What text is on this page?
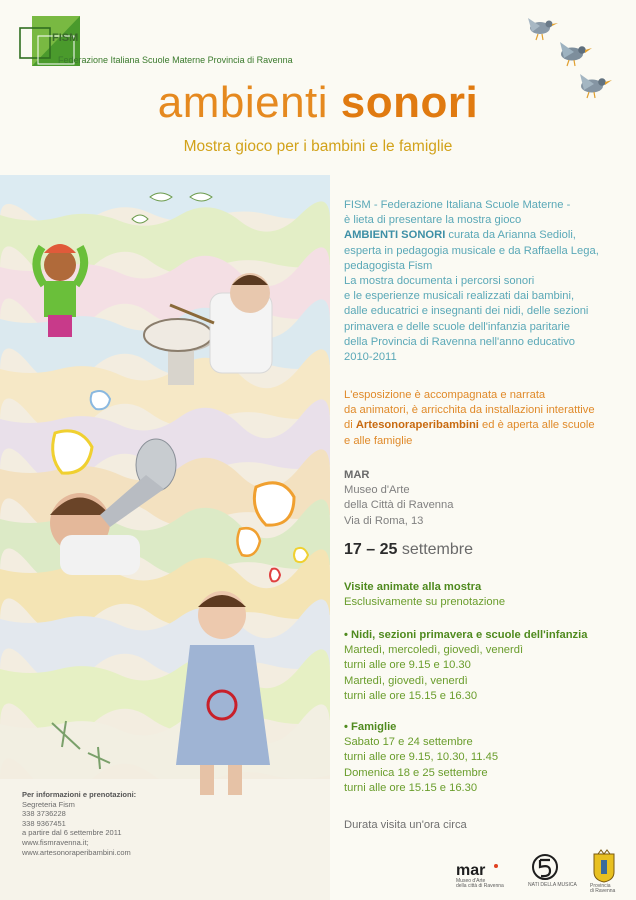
FISM
Federazione Italiana Scuole Materne Provincia di Ravenna
ambienti sonori
Mostra gioco per i bambini e le famiglie

FISM - Federazione Italiana Scuole Materne -

è lieta di presentare la mostra gioco

AMBIENTI SONORI curata da Arianna Sedioli,

esperta in pedagogia musicale e da Raffaella Lega,

pedagogista Fism

La mostra documenta i percorsi sonori

e le esperienze musicali realizzati dai bambini,

dalle educatrici e insegnanti dei nidi, delle sezioni

primavera e delle scuole dell'infanzia paritarie

della Provincia di Ravenna nell'anno educativo

2010-2011

L'esposizione è accompagnata e narrata

da animatori, è arricchita da installazioni interattive

di Artesonoraperibambini ed è aperta alle scuole

e alle famiglie

MAR

Museo d'Arte

della Città di Ravenna

Via di Roma, 13

17 – 25 settembre

Visite animate alla mostra

Esclusivamente su prenotazione

• Nidi, sezioni primavera e scuole dell'infanzia

Martedì, mercoledì, giovedì, venerdì

turni alle ore 9.15 e 10.30

Martedì, giovedì, venerdì

turni alle ore 15.15 e 16.30

• Famiglie

Sabato 17 e 24 settembre

turni alle ore 9.15, 10.30, 11.45

Domenica 18 e 25 settembre

turni alle ore 15.15 e 16.30

Durata visita un'ora circa
Per informazioni e prenotazioni:
Segreteria Fism
338 3736228
338 9367451
a partire dal 6 settembre 2011
www.fismravenna.it;
www.artesonoraperibambini.com
mar
Museo d'Arte
della città di Ravenna	NATI DELLA MUSICA	Provincia
di Ravenna
